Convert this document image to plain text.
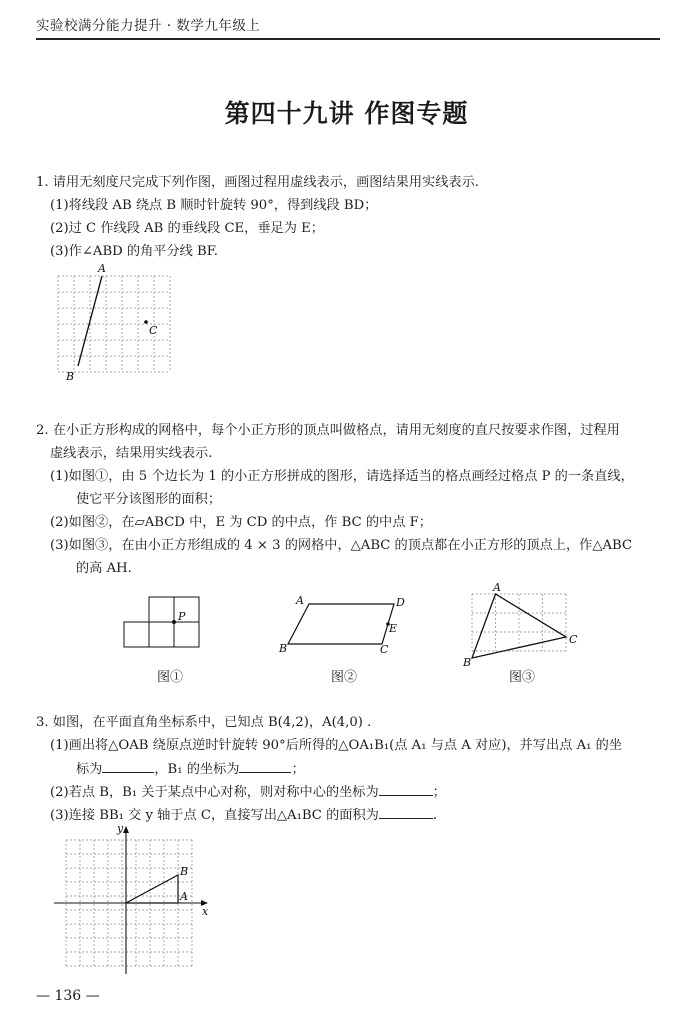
实验校满分能力提升 · 数学九年级上
第四十九讲 作图专题
1. 请用无刻度尺完成下列作图，画图过程用虚线表示，画图结果用实线表示.
(1)将线段 AB 绕点 B 顺时针旋转 90°，得到线段 BD；
(2)过 C 作线段 AB 的垂线段 CE，垂足为 E；
(3)作∠ABD 的角平分线 BF.
A
B
C
2. 在小正方形构成的网格中，每个小正方形的顶点叫做格点，请用无刻度的直尺按要求作图，过程用
虚线表示，结果用实线表示.
(1)如图①，由 5 个边长为 1 的小正方形拼成的图形，请选择适当的格点画经过格点 P 的一条直线，
使它平分该图形的面积；
(2)如图②，在▱ABCD 中，E 为 CD 的中点，作 BC 的中点 F；
(3)如图③，在由小正方形组成的 4 × 3 的网格中，△ABC 的顶点都在小正方形的顶点上，作△ABC
的高 AH.
P
图①
A	D
E
B	C
图②
A
B
C
图③
3. 如图，在平面直角坐标系中，已知点 B(4,2)，A(4,0) .
(1)画出将△OAB 绕原点逆时针旋转 90°后所得的△OA₁B₁(点 A₁ 与点 A 对应)，并写出点 A₁ 的坐
标为	，B₁ 的坐标为	；
(2)若点 B，B₁ 关于某点中心对称，则对称中心的坐标为	；
(3)连接 BB₁ 交 y 轴于点 C，直接写出△A₁BC 的面积为	.
x
y
B
A
— 136 —
